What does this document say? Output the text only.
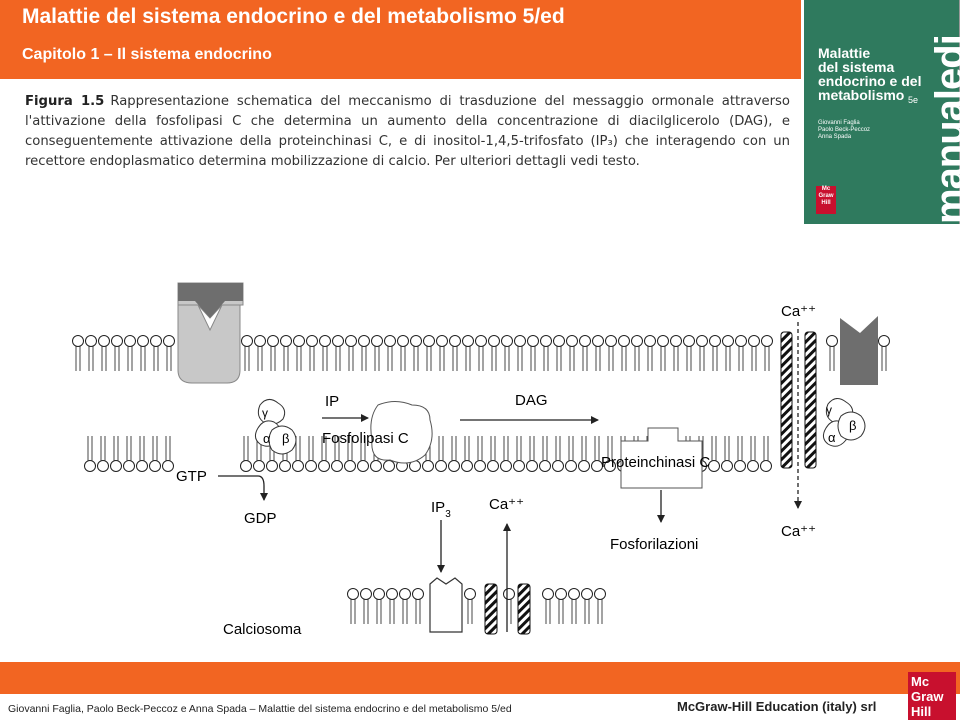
Malattie del sistema endocrino e del metabolismo 5/ed
Capitolo 1 – Il sistema endocrino	Malattie
del sistema
endocrino e del
metabolismo 5e
Giovanni Faglia
Paolo Beck-Peccoz
Anna Spada
Mc
Graw
Hill manualedi
Figura 1.5 Rappresentazione schematica del meccanismo di trasduzione del messaggio ormonale attraverso l'attivazione della fosfolipasi C che determina un aumento della concentrazione di diacilglicerolo (DAG), e conseguentemente attivazione della proteinchinasi C, e di inositol-1,4,5-trifosfato (IP₃) che interagendo con un recettore endoplasmatico determina mobilizzazione di calcio. Per ulteriori dettagli vedi testo.
γ
α β
γ
α
β
IP
Fosfolipasi C
DAG
Proteinchinasi C
Fosforilazioni
GTP
GDP
$IP_3$
Ca⁺⁺
Ca⁺⁺
Ca⁺⁺
Calciosoma
Giovanni Faglia, Paolo Beck-Peccoz e Anna Spada – Malattie del sistema endocrino e del metabolismo 5/ed	McGraw-Hill Education (italy) srl
Mc
Graw
Hill
